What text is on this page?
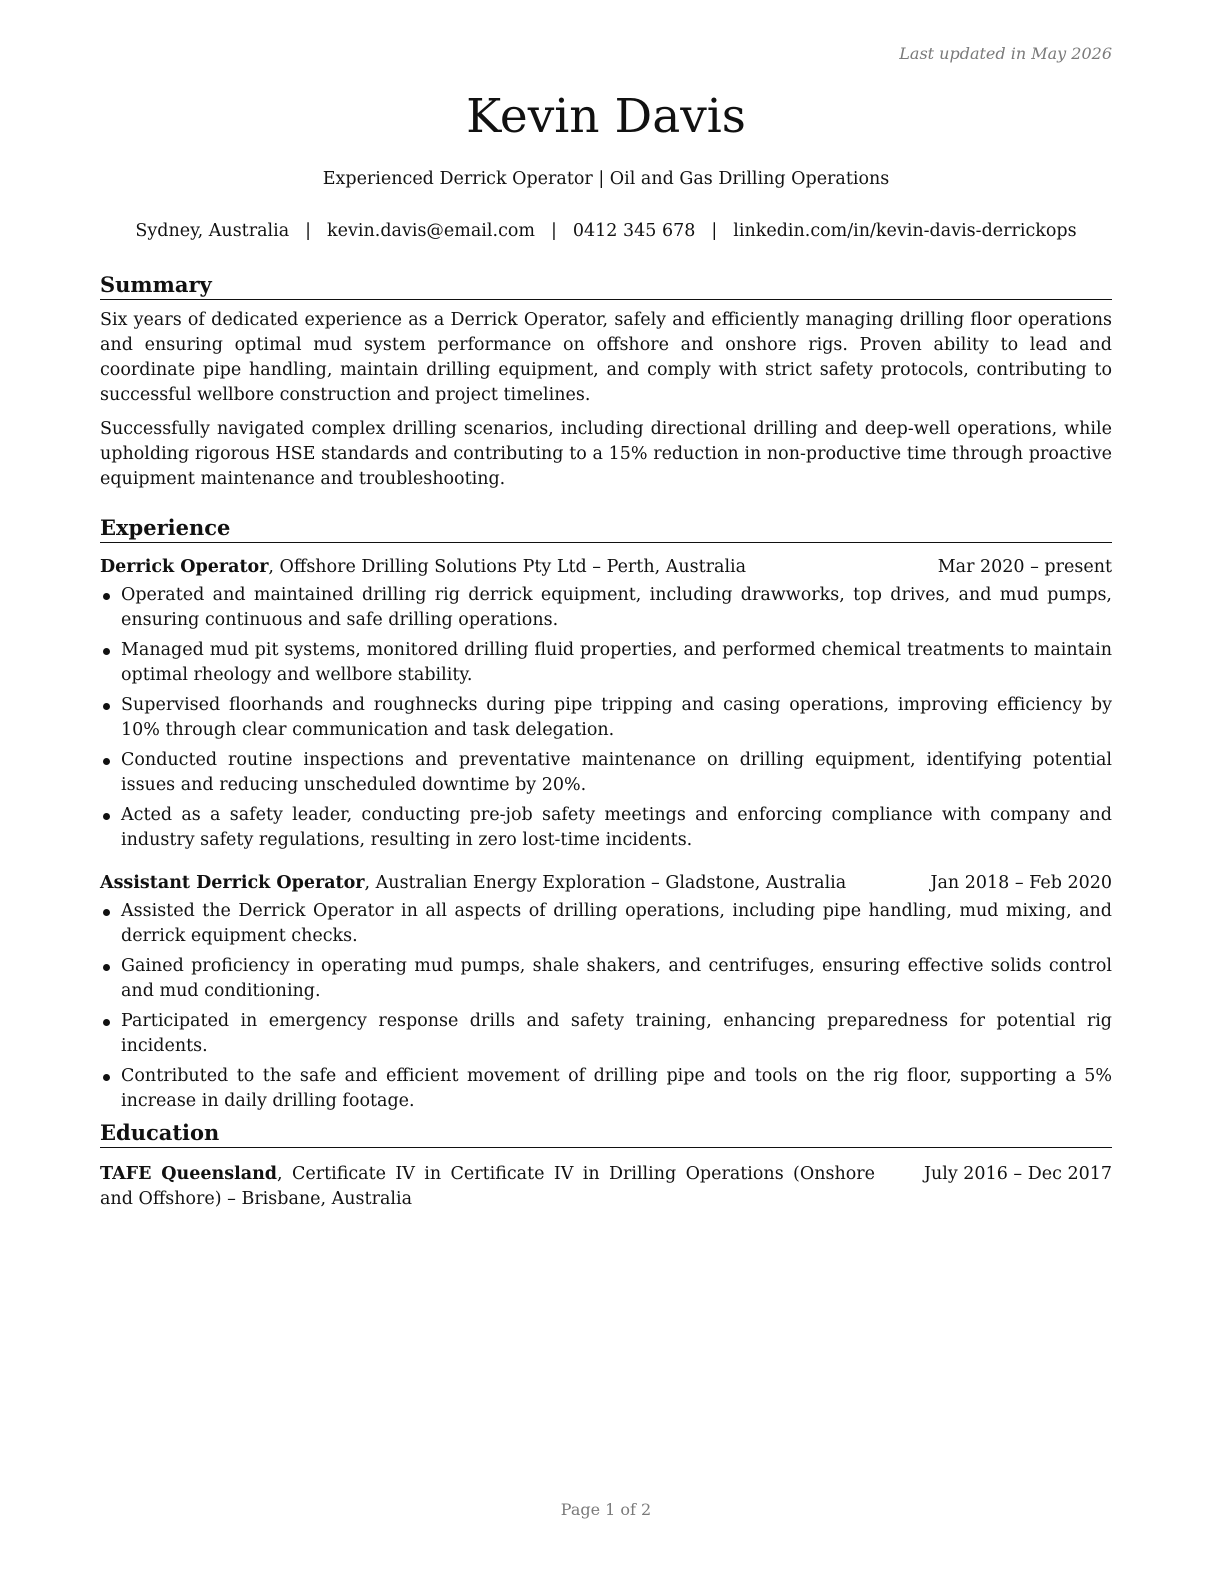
Last updated in May 2026
Kevin Davis
Experienced Derrick Operator | Oil and Gas Drilling Operations
Sydney, Australia | kevin.davis@email.com | 0412 345 678 | linkedin.com/in/kevin-davis-derrickops
Summary

Six years of dedicated experience as a Derrick Operator, safely and efficiently managing drilling floor operations and ensuring optimal mud system performance on offshore and onshore rigs. Proven ability to lead and coordinate pipe handling, maintain drilling equipment, and comply with strict safety protocols, contributing to successful wellbore construction and project timelines.

Successfully navigated complex drilling scenarios, including directional drilling and deep-well operations, while upholding rigorous HSE standards and contributing to a 15% reduction in non-productive time through proactive equipment maintenance and troubleshooting.

Experience
Derrick Operator, Offshore Drilling Solutions Pty Ltd – Perth, Australia	Mar 2020 – present
Operated and maintained drilling rig derrick equipment, including drawworks, top drives, and mud pumps, ensuring continuous and safe drilling operations.
Managed mud pit systems, monitored drilling fluid properties, and performed chemical treatments to maintain optimal rheology and wellbore stability.
Supervised floorhands and roughnecks during pipe tripping and casing operations, improving efficiency by 10% through clear communication and task delegation.
Conducted routine inspections and preventative maintenance on drilling equipment, identifying potential issues and reducing unscheduled downtime by 20%.
Acted as a safety leader, conducting pre-job safety meetings and enforcing compliance with company and industry safety regulations, resulting in zero lost-time incidents.
Assistant Derrick Operator, Australian Energy Exploration – Gladstone, Australia	Jan 2018 – Feb 2020
Assisted the Derrick Operator in all aspects of drilling operations, including pipe handling, mud mixing, and derrick equipment checks.
Gained proficiency in operating mud pumps, shale shakers, and centrifuges, ensuring effective solids control and mud conditioning.
Participated in emergency response drills and safety training, enhancing preparedness for potential rig incidents.
Contributed to the safe and efficient movement of drilling pipe and tools on the rig floor, supporting a 5% increase in daily drilling footage.
Education
TAFE Queensland, Certificate IV in Certificate IV in Drilling Operations (Onshore and Offshore) – Brisbane, Australia
July 2016 – Dec 2017
Page 1 of 2
